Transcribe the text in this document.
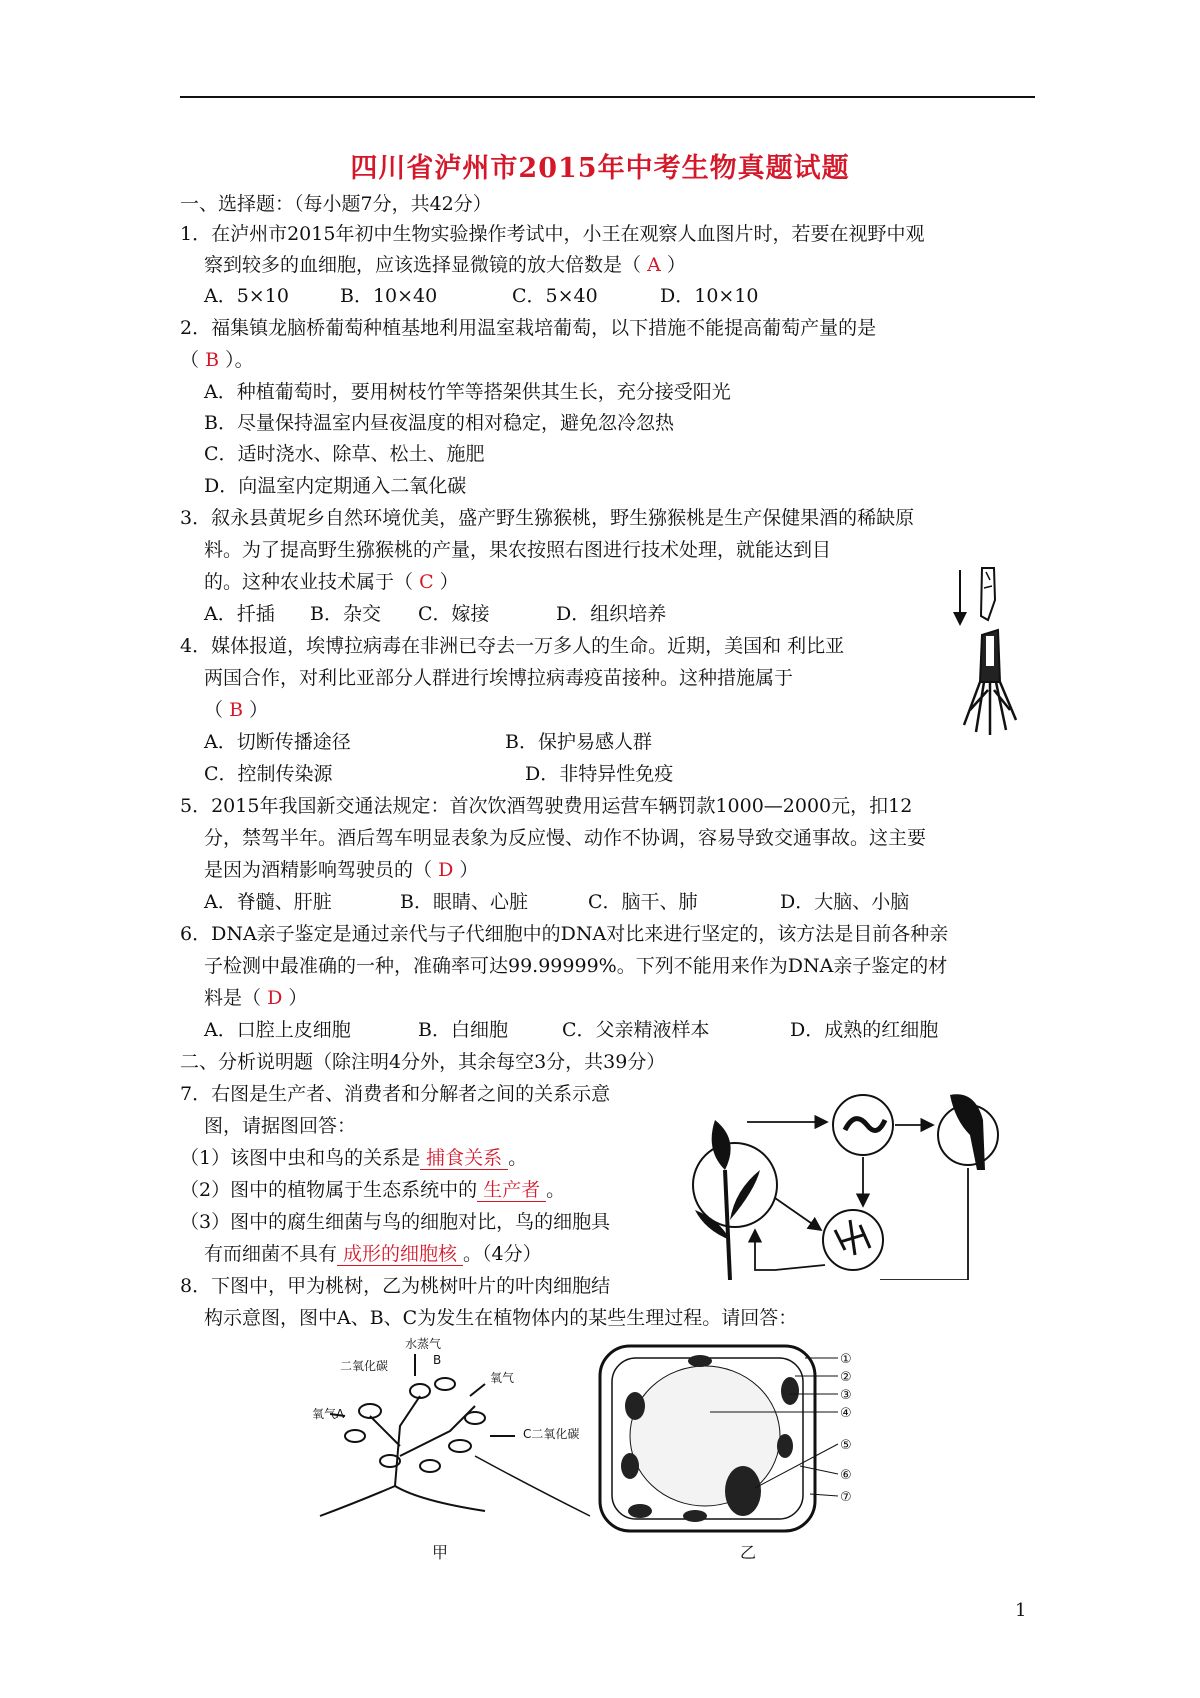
四川省泸州市2015年中考生物真题试题
一、选择题：（每小题7分，共42分）
1．在泸州市2015年初中生物实验操作考试中，小王在观察人血图片时，若要在视野中观
察到较多的血细胞，应该选择显微镜的放大倍数是（ A ）
A．5×10	B．10×40	C．5×40	D．10×10
2．福集镇龙脑桥葡萄种植基地利用温室栽培葡萄，以下措施不能提高葡萄产量的是
（ B ）。
A．种植葡萄时，要用树枝竹竿等搭架供其生长，充分接受阳光
B．尽量保持温室内昼夜温度的相对稳定，避免忽冷忽热
C．适时浇水、除草、松土、施肥
D．向温室内定期通入二氧化碳
3．叙永县黄坭乡自然环境优美，盛产野生猕猴桃，野生猕猴桃是生产保健果酒的稀缺原
料。为了提高野生猕猴桃的产量，果农按照右图进行技术处理，就能达到目
的。这种农业技术属于（ C ）
A．扦插 B．杂交 C．嫁接	D．组织培养
4．媒体报道，埃博拉病毒在非洲已夺去一万多人的生命。近期，美国和 利比亚
两国合作，对利比亚部分人群进行埃博拉病毒疫苗接种。这种措施属于
（ B ）
A．切断传播途径	B．保护易感人群
C．控制传染源	D．非特异性免疫
5．2015年我国新交通法规定：首次饮酒驾驶费用运营车辆罚款1000—2000元，扣12
分，禁驾半年。酒后驾车明显表象为反应慢、动作不协调，容易导致交通事故。这主要
是因为酒精影响驾驶员的（ D ）
A．脊髓、肝脏	B．眼睛、心脏	C．脑干、肺	D．大脑、小脑
6．DNA亲子鉴定是通过亲代与子代细胞中的DNA对比来进行坚定的，该方法是目前各种亲
子检测中最准确的一种，准确率可达99.99999%。下列不能用来作为DNA亲子鉴定的材
料是（ D ）
A．口腔上皮细胞	B．白细胞	C．父亲精液样本	D．成熟的红细胞
二、分析说明题（除注明4分外，其余每空3分，共39分）
7．右图是生产者、消费者和分解者之间的关系示意
图，请据图回答：
（1）该图中虫和鸟的关系是 捕食关系 。
（2）图中的植物属于生态系统中的 生产者 。
（3）图中的腐生细菌与鸟的细胞对比，鸟的细胞具
有而细菌不具有 成形的细胞核 。（4分）
8．下图中，甲为桃树，乙为桃树叶片的叶肉细胞结
构示意图，图中A、B、C为发生在植物体内的某些生理过程。请回答：
水蒸气
二氧化碳	B
氧气
氧气A
C二氧化碳
甲	乙
①
②
③
④
⑤
⑥
⑦
1
